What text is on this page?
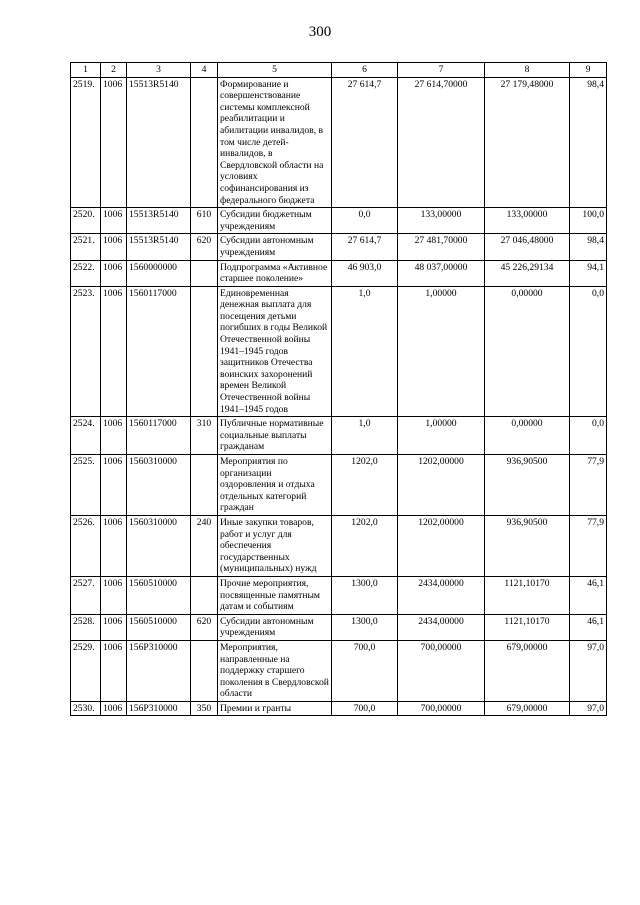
300
1	2	3	4	5	6	7	8	9
2519.	1006	15513R5140		Формирование и совершенствование системы комплексной реабилитации и абилитации инвалидов, в том числе детей-инвалидов, в Свердловской области на условиях софинансирования из федерального бюджета	27 614,7	27 614,70000	27 179,48000	98,4
2520.	1006	15513R5140	610	Субсидии бюджетным учреждениям	0,0	133,00000	133,00000	100,0
2521.	1006	15513R5140	620	Субсидии автономным учреждениям	27 614,7	27 481,70000	27 046,48000	98,4
2522.	1006	1560000000		Подпрограмма «Активное старшее поколение»	46 903,0	48 037,00000	45 226,29134	94,1
2523.	1006	1560117000		Единовременная денежная выплата для посещения детьми погибших в годы Великой Отечественной войны 1941–1945 годов защитников Отечества воинских захоронений времен Великой Отечественной войны 1941–1945 годов	1,0	1,00000	0,00000	0,0
2524.	1006	1560117000	310	Публичные нормативные социальные выплаты гражданам	1,0	1,00000	0,00000	0,0
2525.	1006	1560310000		Мероприятия по организации оздоровления и отдыха отдельных категорий граждан	1202,0	1202,00000	936,90500	77,9
2526.	1006	1560310000	240	Иные закупки товаров, работ и услуг для обеспечения государственных (муниципальных) нужд	1202,0	1202,00000	936,90500	77,9
2527.	1006	1560510000		Прочие мероприятия, посвященные памятным датам и событиям	1300,0	2434,00000	1121,10170	46,1
2528.	1006	1560510000	620	Субсидии автономным учреждениям	1300,0	2434,00000	1121,10170	46,1
2529.	1006	156P310000		Мероприятия, направленные на поддержку старшего поколения в Свердловской области	700,0	700,00000	679,00000	97,0
2530.	1006	156P310000	350	Премии и гранты	700,0	700,00000	679,00000	97,0
